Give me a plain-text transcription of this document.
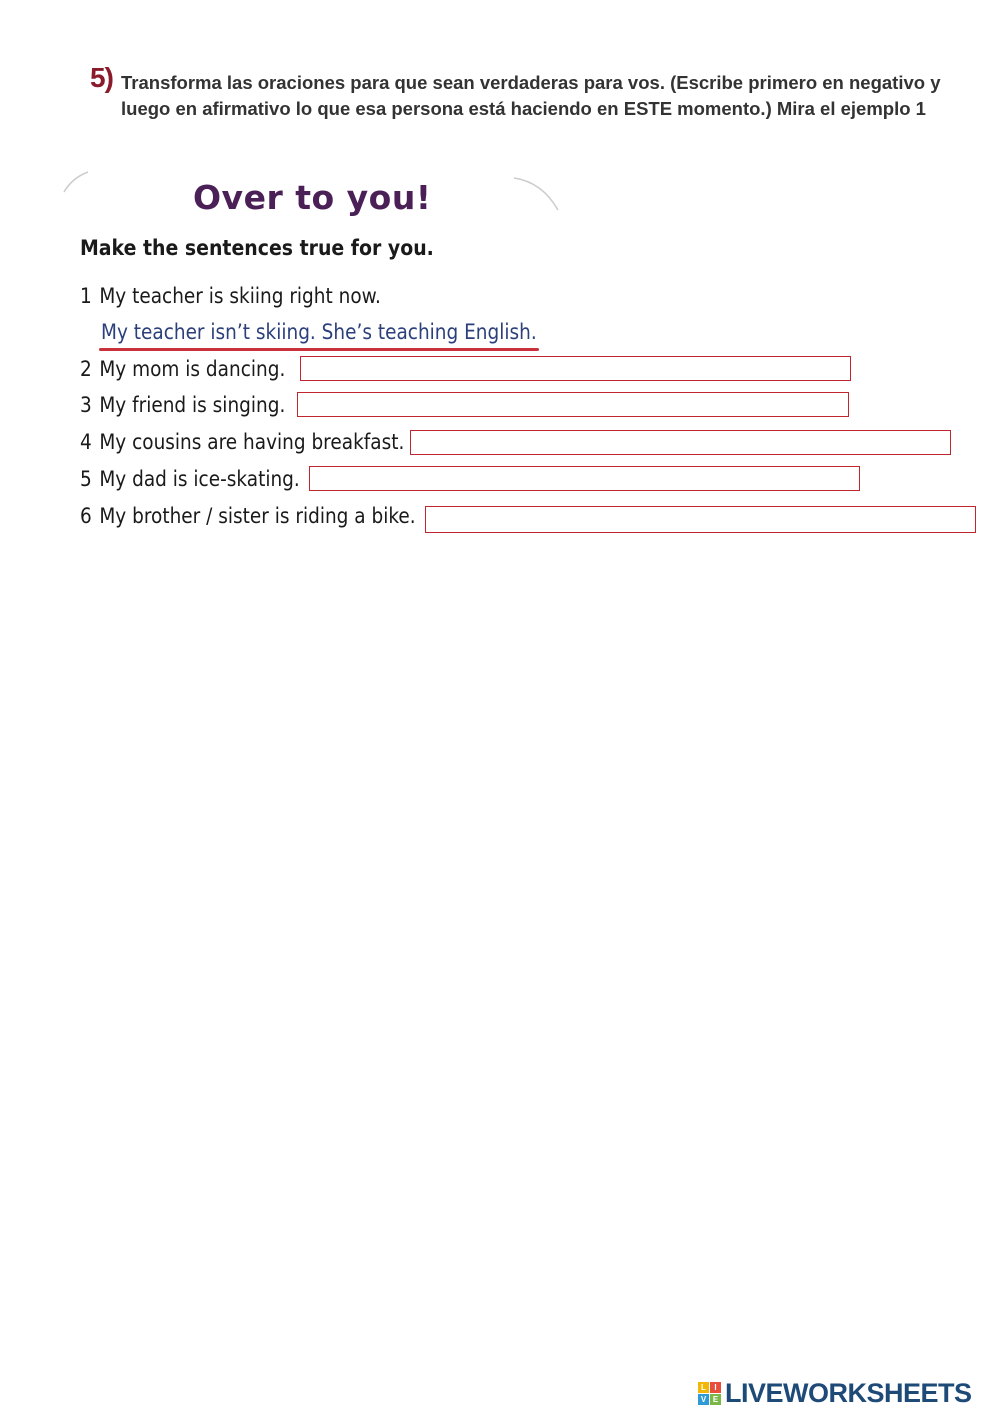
5) Transforma las oraciones para que sean verdaderas para vos. (Escribe primero en negativo y luego en afirmativo lo que esa persona está haciendo en ESTE momento.) Mira el ejemplo 1
Over to you!
Make the sentences true for you.
1 My teacher is skiing right now.
My teacher isn’t skiing. She’s teaching English.
2 My mom is dancing.
3 My friend is singing.
4 My cousins are having breakfast.
5 My dad is ice-skating.
6 My brother / sister is riding a bike.
L	I
V E LIVEWORKSHEETS
